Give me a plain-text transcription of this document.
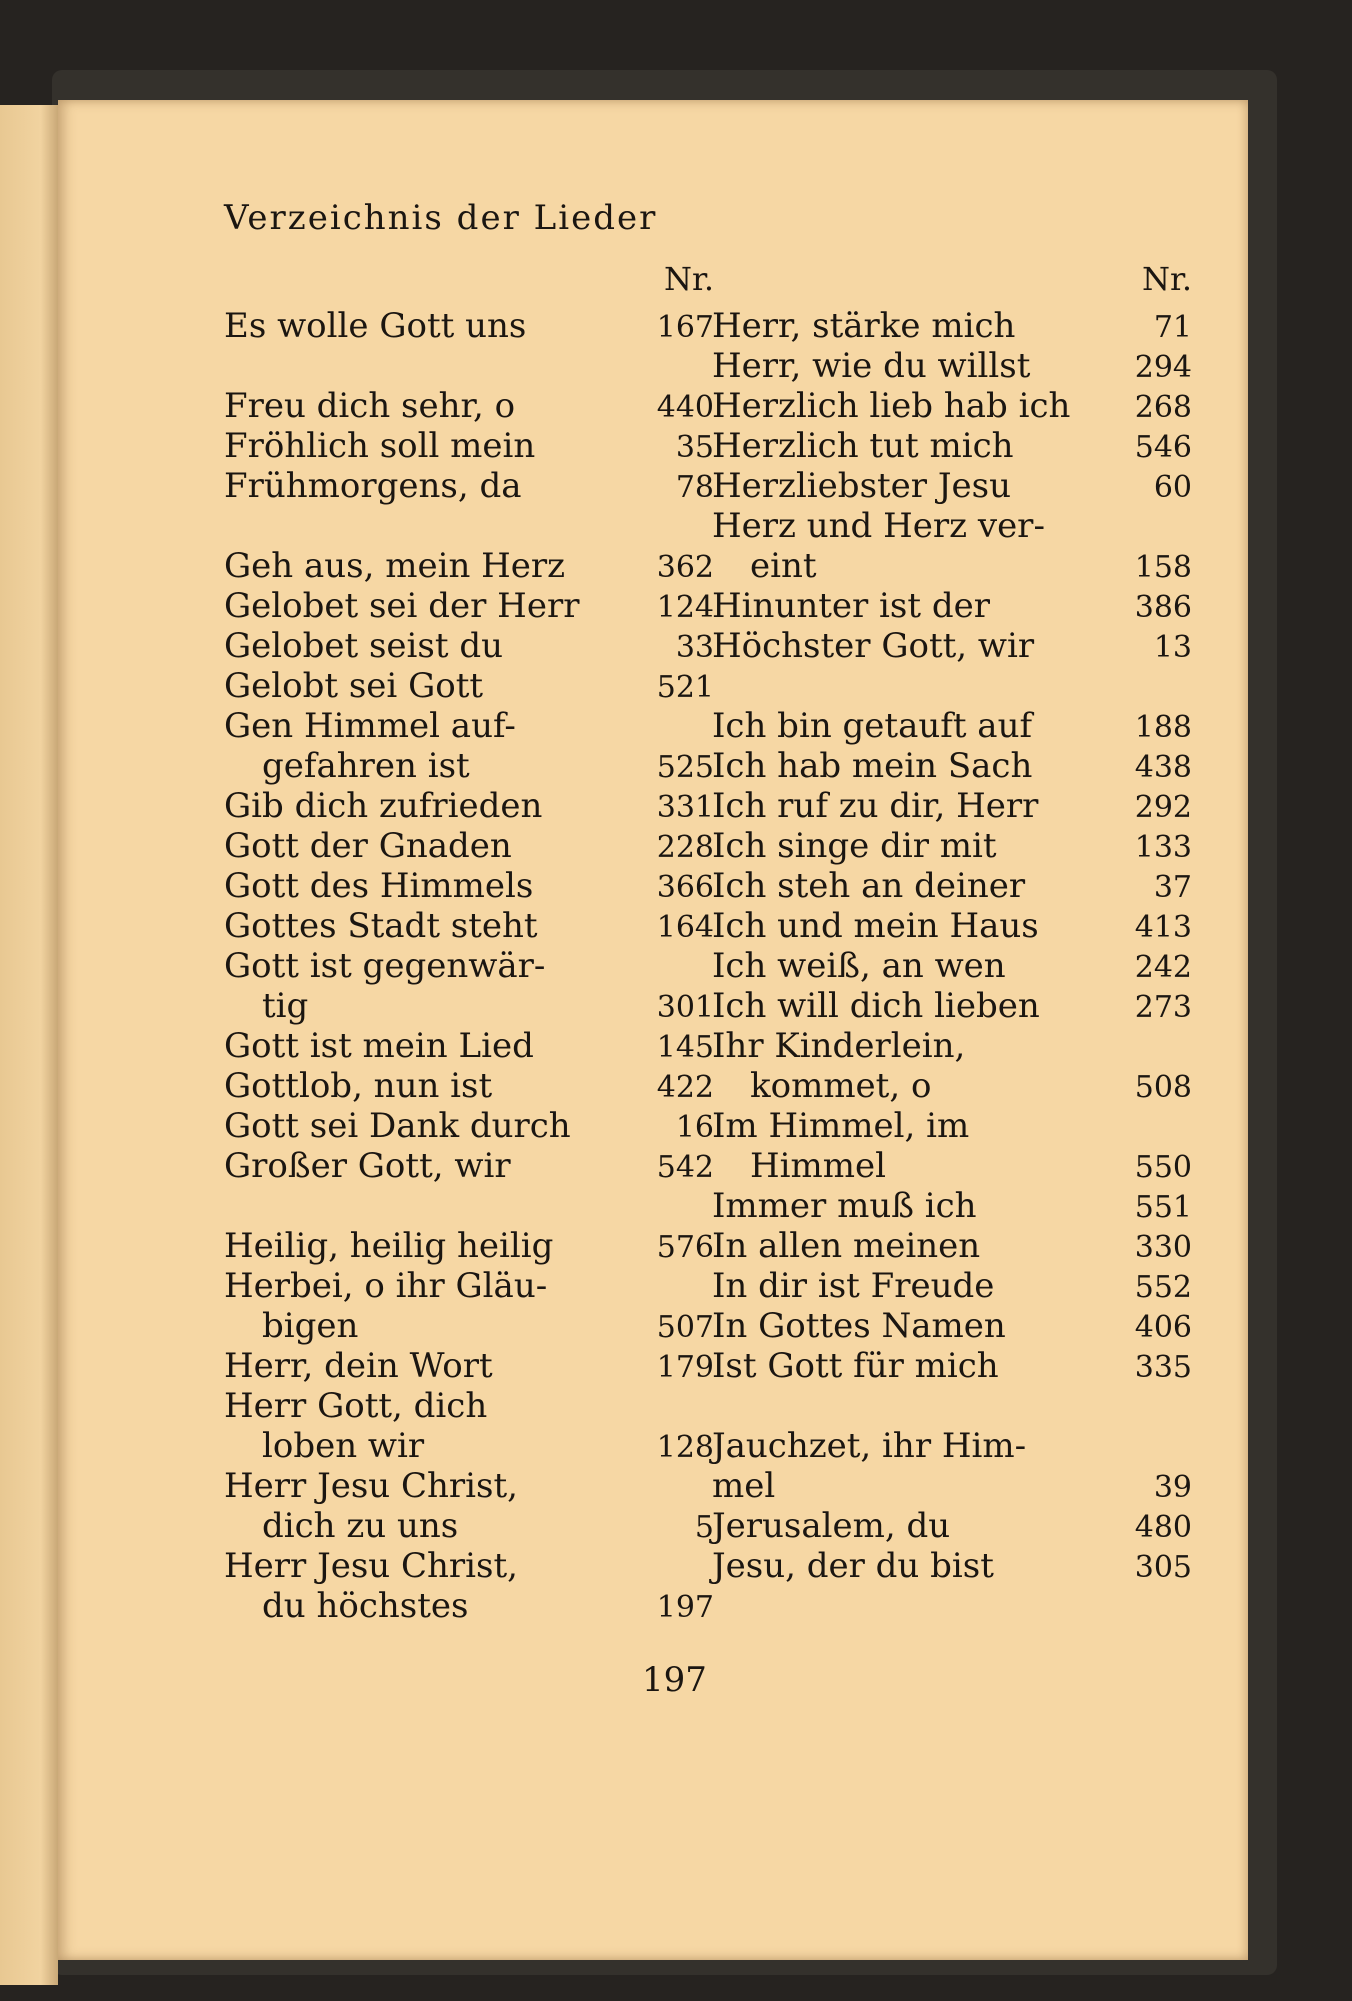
Verzeichnis der Lieder
Nr.
Es wolle Gott uns	167
Freu dich sehr, o	440
Fröhlich soll mein	35
Frühmorgens, da	78
Geh aus, mein Herz	362
Gelobet sei der Herr	124
Gelobet seist du	33
Gelobt sei Gott	521
Gen Himmel auf-
gefahren ist	525
Gib dich zufrieden	331
Gott der Gnaden	228
Gott des Himmels	366
Gottes Stadt steht	164
Gott ist gegenwär-
tig	301
Gott ist mein Lied	145
Gottlob, nun ist	422
Gott sei Dank durch	16
Großer Gott, wir	542
Heilig, heilig heilig	576
Herbei, o ihr Gläu-
bigen	507
Herr, dein Wort	179
Herr Gott, dich
loben wir	128
Herr Jesu Christ,
dich zu uns	5
Herr Jesu Christ,
du höchstes	197
Nr.
Herr, stärke mich	71
Herr, wie du willst	294
Herzlich lieb hab ich 268
Herzlich tut mich	546
Herzliebster Jesu	60
Herz und Herz ver-
eint	158
Hinunter ist der	386
Höchster Gott, wir	13
Ich bin getauft auf	188
Ich hab mein Sach	438
Ich ruf zu dir, Herr	292
Ich singe dir mit	133
Ich steh an deiner	37
Ich und mein Haus	413
Ich weiß, an wen	242
Ich will dich lieben	273
Ihr Kinderlein,
kommet, o	508
Im Himmel, im
Himmel	550
Immer muß ich	551
In allen meinen	330
In dir ist Freude	552
In Gottes Namen	406
Ist Gott für mich	335
Jauchzet, ihr Him-
mel	39
Jerusalem, du	480
Jesu, der du bist	305
197
